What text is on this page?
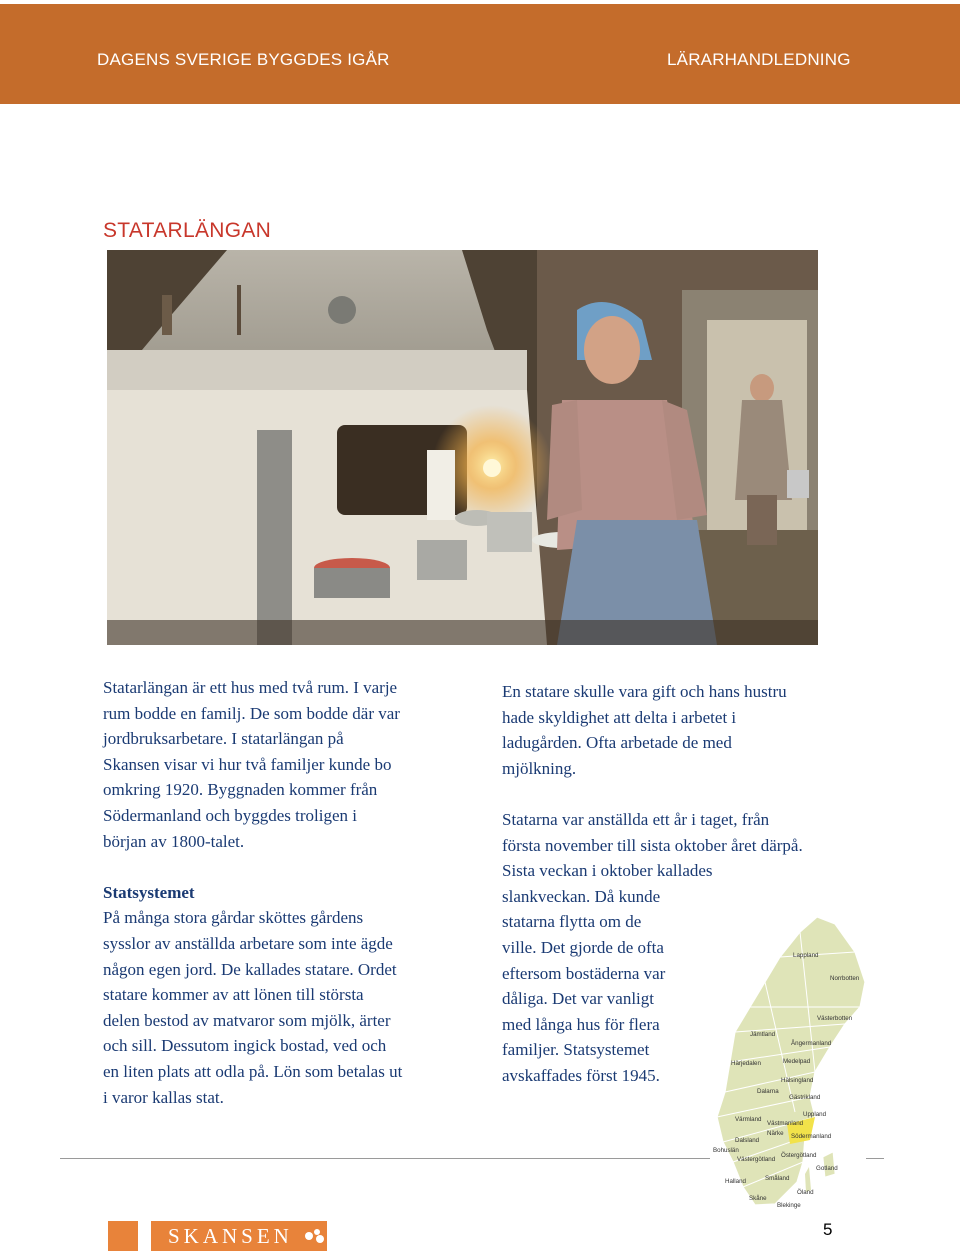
DAGENS SVERIGE BYGGDES IGÅR	LÄRARHANDLEDNING
STATARLÄNGAN

Statarlängan är ett hus med två rum. I varje

rum bodde en familj. De som bodde där var

jordbruksarbetare. I statarlängan på

Skansen visar vi hur två familjer kunde bo

omkring 1920. Byggnaden kommer från

Södermanland och byggdes troligen i

början av 1800-talet.

Statsystemet

På många stora gårdar sköttes gårdens

sysslor av anställda arbetare som inte ägde

någon egen jord. De kallades statare. Ordet

statare kommer av att lönen till största

delen bestod av matvaror som mjölk, ärter

och sill. Dessutom ingick bostad, ved och

en liten plats att odla på. Lön som betalas ut

i varor kallas stat.

En statare skulle vara gift och hans hustru

hade skyldighet att delta i arbetet i

ladugården. Ofta arbetade de med

mjölkning.

Statarna var anställda ett år i taget, från

första november till sista oktober året därpå.

Sista veckan i oktober kallades

slankveckan. Då kunde

statarna flytta om de

ville. Det gjorde de ofta

eftersom bostäderna var

dåliga. Det var vanligt

med långa hus för flera

familjer. Statsystemet

avskaffades först 1945.

Lappland
Norrbotten
Västerbotten
Jämtland
Ångermanland
Härjedalen	Medelpad
Hälsingland
Dalarna
Gästrikland
Uppland
Värmland
Västmanland
Närke Södermanland
Dalsland
Bohuslän
Västergötland
Östergötland
Gotland
Halland	Småland
Öland
Skåne
Blekinge
SKANSEN	5
